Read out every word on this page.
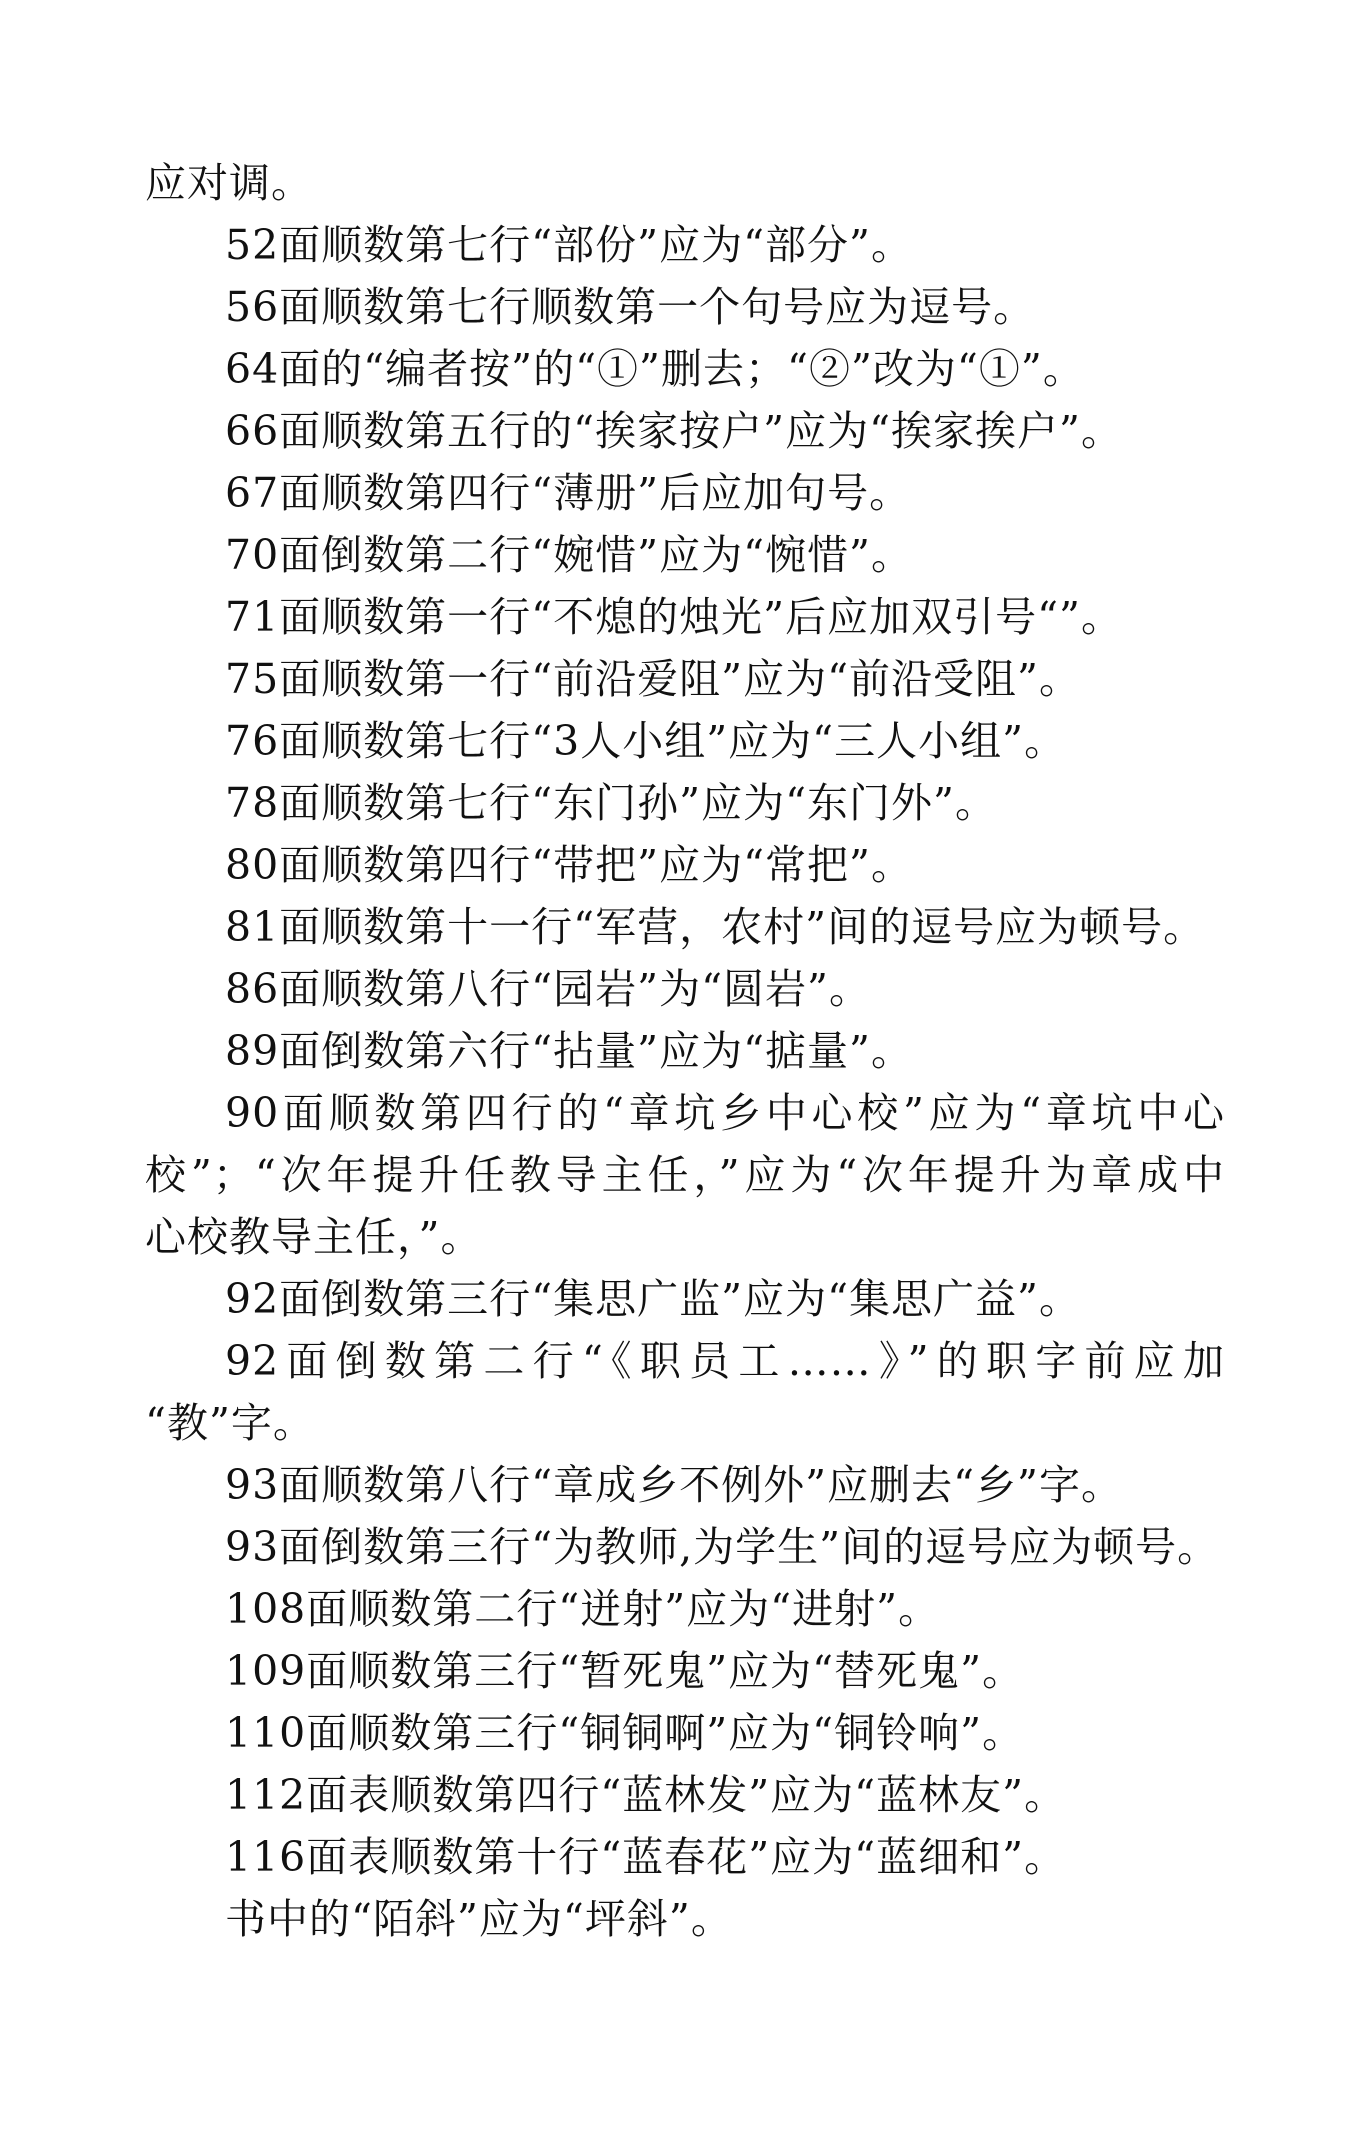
应对调。
52面顺数第七行“部份”应为“部分”。
56面顺数第七行顺数第一个句号应为逗号。
64面的“编者按”的“①”删去；“②”改为“①”。
66面顺数第五行的“挨家按户”应为“挨家挨户”。
67面顺数第四行“薄册”后应加句号。
70面倒数第二行“婉惜”应为“惋惜”。
71面顺数第一行“不熄的烛光”后应加双引号“”。
75面顺数第一行“前沿爱阻”应为“前沿受阻”。
76面顺数第七行“3人小组”应为“三人小组”。
78面顺数第七行“东门孙”应为“东门外”。
80面顺数第四行“带把”应为“常把”。
81面顺数第十一行“军营，农村”间的逗号应为顿号。
86面顺数第八行“园岩”为“圆岩”。
89面倒数第六行“拈量”应为“掂量”。
90面顺数第四行的“章坑乡中心校”应为“章坑中心
校”；“次年提升任教导主任，”应为“次年提升为章成中
心校教导主任，”。
92面倒数第三行“集思广监”应为“集思广益”。
92面倒数第二行“《职员工……》”的职字前应加
“教”字。
93面顺数第八行“章成乡不例外”应删去“乡”字。
93面倒数第三行“为教师,为学生”间的逗号应为顿号。
108面顺数第二行“迸射”应为“进射”。
109面顺数第三行“暂死鬼”应为“替死鬼”。
110面顺数第三行“铜铜啊”应为“铜铃响”。
112面表顺数第四行“蓝林发”应为“蓝林友”。
116面表顺数第十行“蓝春花”应为“蓝细和”。
书中的“陌斜”应为“坪斜”。
